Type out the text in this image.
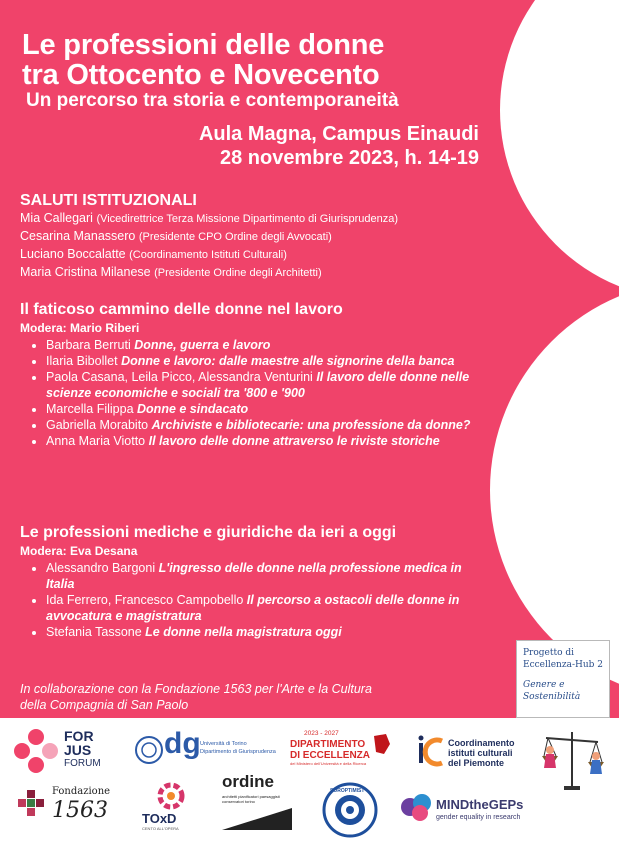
Le professioni delle donne
tra Ottocento e Novecento
Un percorso tra storia e contemporaneità
Aula Magna, Campus Einaudi
28 novembre 2023, h. 14-19
SALUTI ISTITUZIONALI
Mia Callegari (Vicedirettrice Terza Missione Dipartimento di Giurisprudenza)
Cesarina Manassero (Presidente CPO Ordine degli Avvocati)
Luciano Boccalatte (Coordinamento Istituti Culturali)
Maria Cristina Milanese (Presidente Ordine degli Architetti)
Il faticoso cammino delle donne nel lavoro
Modera: Mario Riberi
• Barbara Berruti Donne, guerra e lavoro
• Ilaria Bibollet Donne e lavoro: dalle maestre alle signorine della banca
• Paola Casana, Leila Picco, Alessandra Venturini Il lavoro delle donne nelle scienze economiche e sociali tra '800 e '900
• Marcella Filippa Donne e sindacato
• Gabriella Morabito Archiviste e bibliotecarie: una professione da donne?
• Anna Maria Viotto Il lavoro delle donne attraverso le riviste storiche
Le professioni mediche e giuridiche da ieri a oggi
Modera: Eva Desana
• Alessandro Bargoni L'ingresso delle donne nella professione medica in Italia
• Ida Ferrero, Francesco Campobello Il percorso a ostacoli delle donne in avvocatura e magistratura
• Stefania Tassone Le donne nella magistratura oggi
In collaborazione con la Fondazione 1563 per l'Arte e la Cultura
della Compagnia di San Paolo
Progetto di
Eccellenza-Hub 2
Genere e
Sostenibilità
FOR
JUS
FORUM
dg Università di Torino
Dipartimento di Giurisprudenza
2023 - 2027
DIPARTIMENTO
DI ECCELLENZA
del Ministero dell'Università e della Ricerca
Coordinamento
istituti culturali
del Piemonte
Fondazione
1563	TOxD
CENTO ALL'OPERA
ordine
architetti pianificatori paesaggisti conservatori torino
SOROPTIMIST
MINDtheGEPs
gender equality in research
